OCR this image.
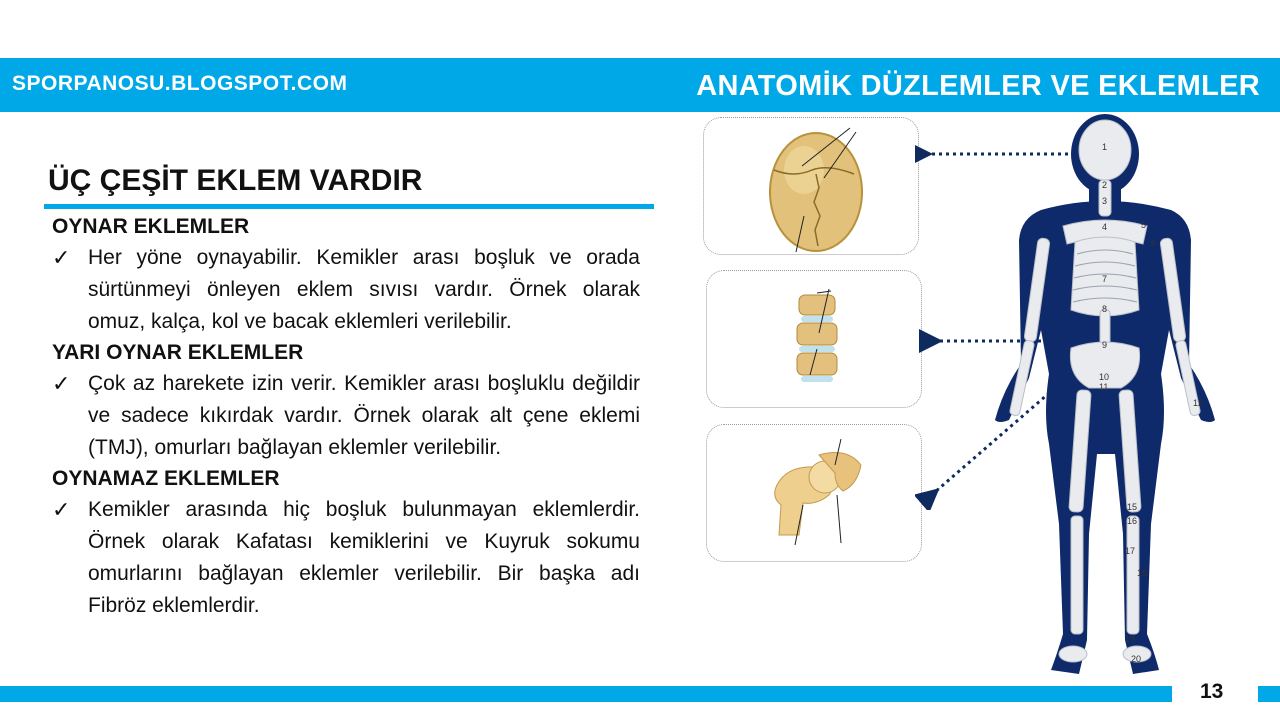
SPORPANOSU.BLOGSPOT.COM	ANATOMİK DÜZLEMLER VE EKLEMLER
ÜÇ ÇEŞİT EKLEM VARDIR
OYNAR EKLEMLER
✓ Her yöne oynayabilir. Kemikler arası boşluk ve orada sürtünmeyi önleyen eklem sıvısı vardır. Örnek olarak omuz, kalça, kol ve bacak eklemleri verilebilir.
YARI OYNAR EKLEMLER
✓ Çok az harekete izin verir. Kemikler arası boşluklu değildir ve sadece kıkırdak vardır. Örnek olarak alt çene eklemi (TMJ), omurları bağlayan eklemler verilebilir.
OYNAMAZ EKLEMLER
✓ Kemikler arasında hiç boşluk bulunmayan eklemlerdir. Örnek olarak Kafatası kemiklerini ve Kuyruk sokumu omurlarını bağlayan eklemler verilebilir. Bir başka adı Fibröz eklemlerdir.
1
2
3
4	5
6
7
8
9
10
11
12
15
16
17
18
19
20
13
